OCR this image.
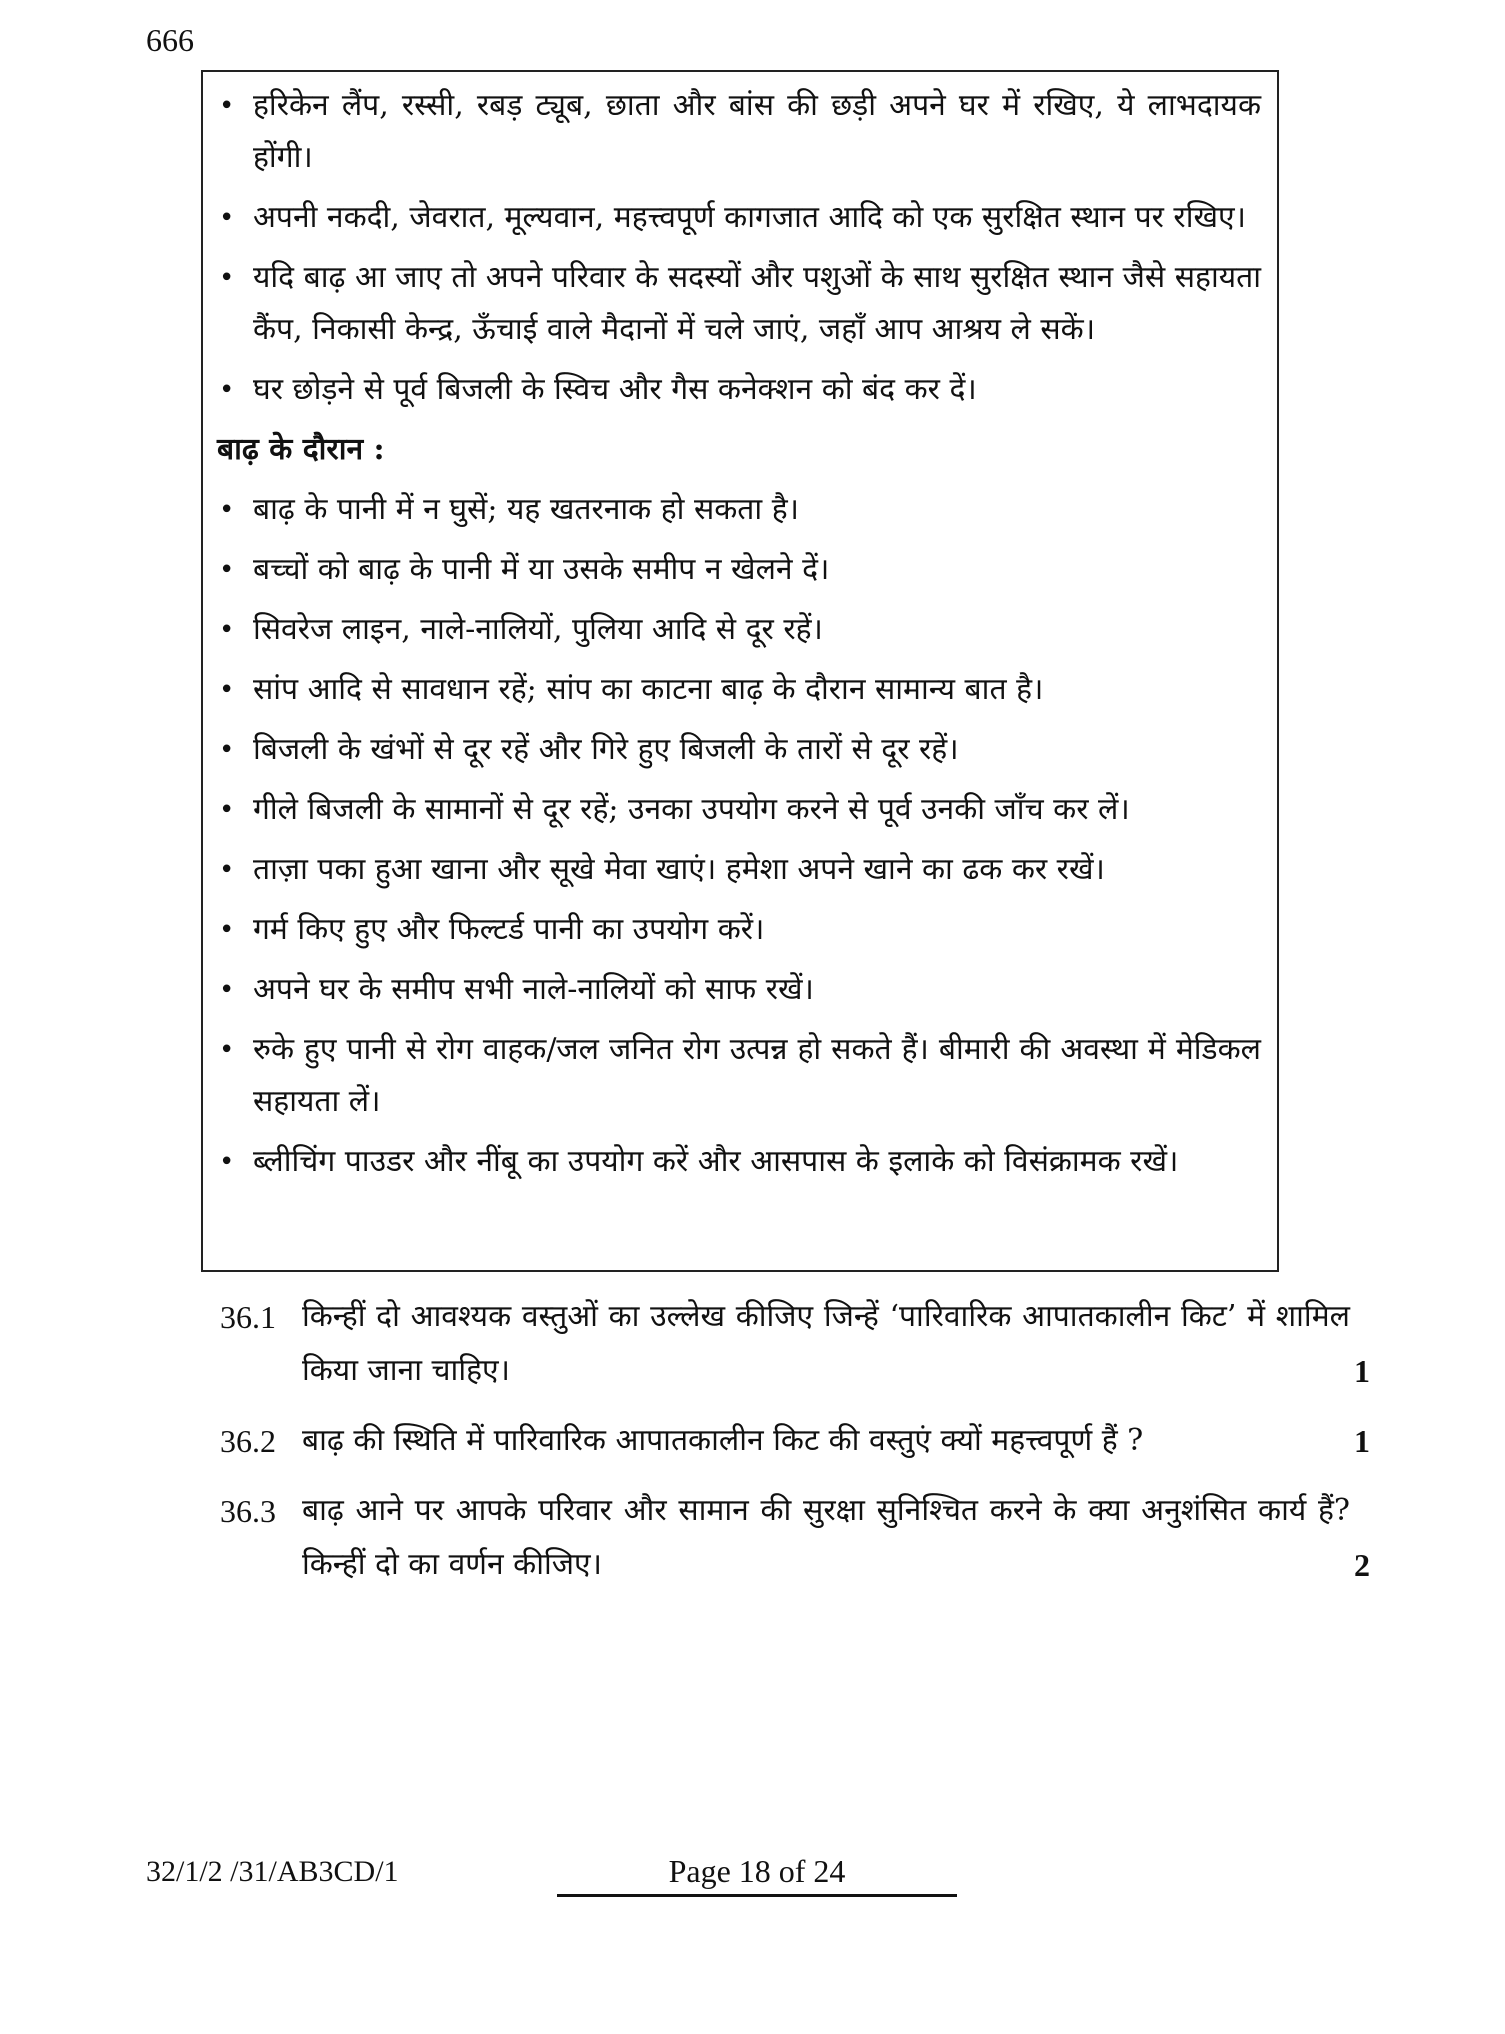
666
• हरिकेन लैंप, रस्सी, रबड़ ट्यूब, छाता और बांस की छड़ी अपने घर में रखिए, ये लाभदायक होंगी।
• अपनी नकदी, जेवरात, मूल्यवान, महत्त्वपूर्ण कागजात आदि को एक सुरक्षित स्थान पर रखिए।
• यदि बाढ़ आ जाए तो अपने परिवार के सदस्यों और पशुओं के साथ सुरक्षित स्थान जैसे सहायता कैंप, निकासी केन्द्र, ऊँचाई वाले मैदानों में चले जाएं, जहाँ आप आश्रय ले सकें।
• घर छोड़ने से पूर्व बिजली के स्विच और गैस कनेक्शन को बंद कर दें।
बाढ़ के दौरान :
• बाढ़ के पानी में न घुसें; यह खतरनाक हो सकता है।
• बच्चों को बाढ़ के पानी में या उसके समीप न खेलने दें।
• सिवरेज लाइन, नाले-नालियों, पुलिया आदि से दूर रहें।
• सांप आदि से सावधान रहें; सांप का काटना बाढ़ के दौरान सामान्य बात है।
• बिजली के खंभों से दूर रहें और गिरे हुए बिजली के तारों से दूर रहें।
• गीले बिजली के सामानों से दूर रहें; उनका उपयोग करने से पूर्व उनकी जाँच कर लें।
• ताज़ा पका हुआ खाना और सूखे मेवा खाएं। हमेशा अपने खाने का ढक कर रखें।
• गर्म किए हुए और फिल्टर्ड पानी का उपयोग करें।
• अपने घर के समीप सभी नाले-नालियों को साफ रखें।
• रुके हुए पानी से रोग वाहक/जल जनित रोग उत्पन्न हो सकते हैं। बीमारी की अवस्था में मेडिकल सहायता लें।
• ब्लीचिंग पाउडर और नींबू का उपयोग करें और आसपास के इलाके को विसंक्रामक रखें।
36.1 किन्हीं दो आवश्यक वस्तुओं का उल्लेख कीजिए जिन्हें ‘पारिवारिक आपातकालीन किट’ में शामिल किया जाना चाहिए।	1
36.2 बाढ़ की स्थिति में पारिवारिक आपातकालीन किट की वस्तुएं क्यों महत्त्वपूर्ण हैं ?	1
36.3 बाढ़ आने पर आपके परिवार और सामान की सुरक्षा सुनिश्चित करने के क्या अनुशंसित कार्य हैं? किन्हीं दो का वर्णन कीजिए।	2
32/1/2 /31/AB3CD/1	Page 18 of 24
